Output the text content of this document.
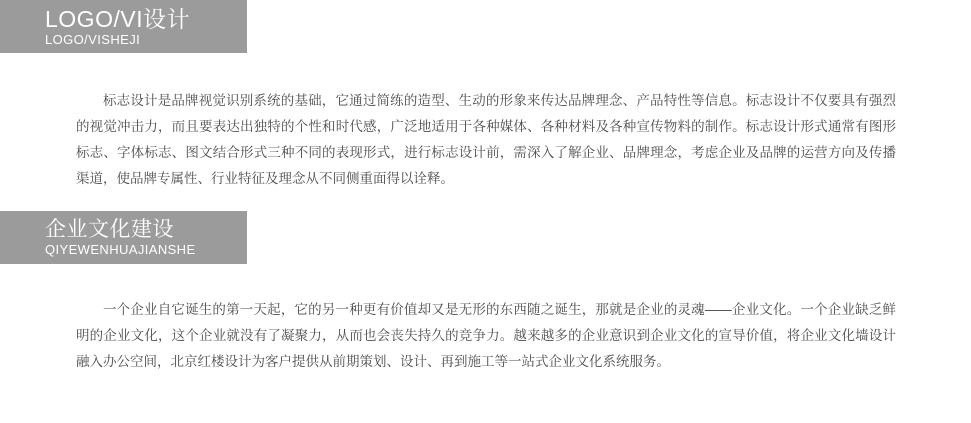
LOGO/VI设计
LOGO/VISHEJI
标志设计是品牌视觉识别系统的基础，它通过简练的造型、生动的形象来传达品牌理念、产品特性等信息。标志设计不仅要具有强烈的视觉冲击力，而且要表达出独特的个性和时代感，广泛地适用于各种媒体、各种材料及各种宣传物料的制作。标志设计形式通常有图形标志、字体标志、图文结合形式三种不同的表现形式，进行标志设计前，需深入了解企业、品牌理念，考虑企业及品牌的运营方向及传播渠道，使品牌专属性、行业特征及理念从不同侧重面得以诠释。
企业文化建设
QIYEWENHUAJIANSHE
一个企业自它诞生的第一天起，它的另一种更有价值却又是无形的东西随之诞生，那就是企业的灵魂——企业文化。一个企业缺乏鲜明的企业文化，这个企业就没有了凝聚力，从而也会丧失持久的竞争力。越来越多的企业意识到企业文化的宣导价值，将企业文化墙设计融入办公空间，北京红楼设计为客户提供从前期策划、设计、再到施工等一站式企业文化系统服务。
